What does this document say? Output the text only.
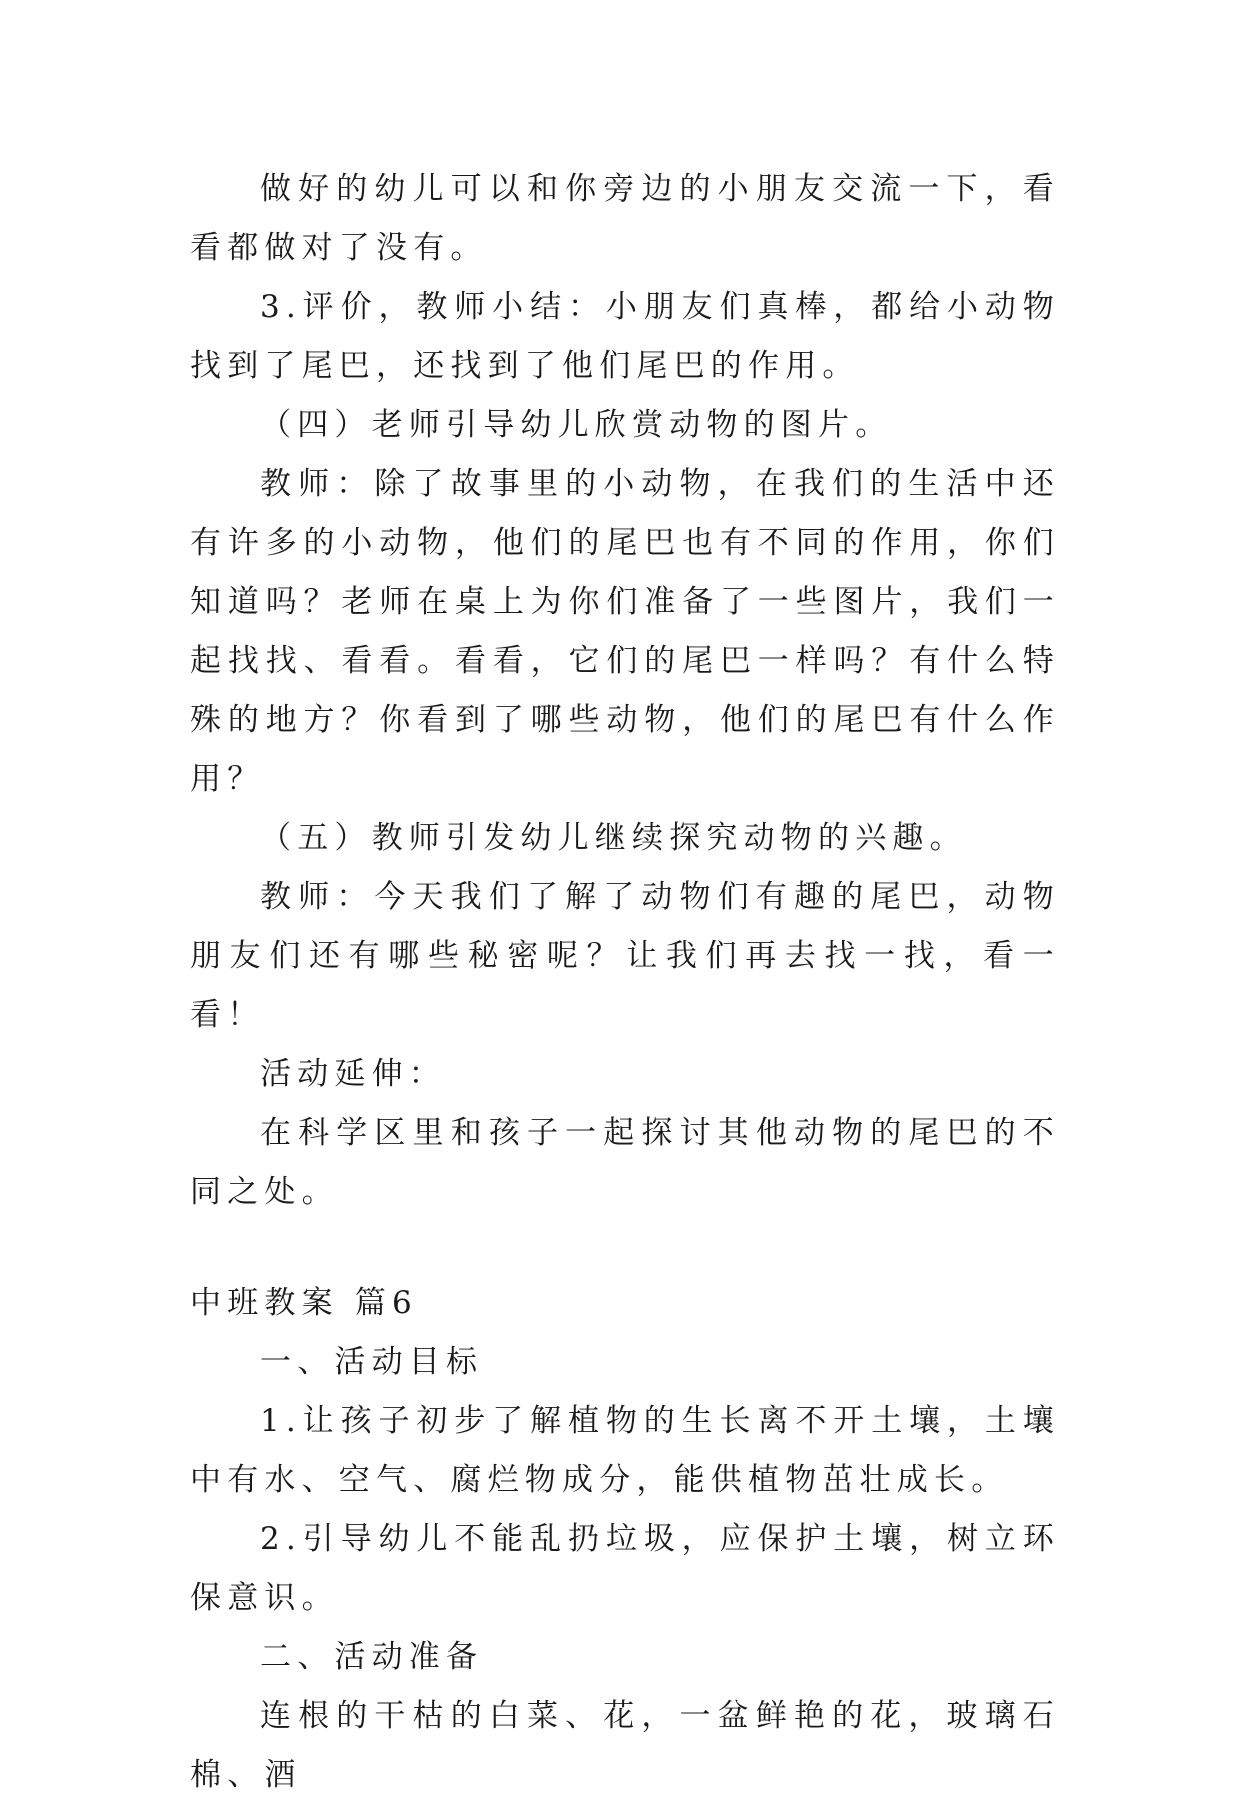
做好的幼儿可以和你旁边的小朋友交流一下，看看都做对了没有。

3.评价，教师小结：小朋友们真棒，都给小动物找到了尾巴，还找到了他们尾巴的作用。

（四）老师引导幼儿欣赏动物的图片。

教师：除了故事里的小动物，在我们的生活中还有许多的小动物，他们的尾巴也有不同的作用，你们知道吗？老师在桌上为你们准备了一些图片，我们一起找找、看看。看看，它们的尾巴一样吗？有什么特殊的地方？你看到了哪些动物，他们的尾巴有什么作用？

（五）教师引发幼儿继续探究动物的兴趣。

教师：今天我们了解了动物们有趣的尾巴，动物朋友们还有哪些秘密呢？让我们再去找一找，看一看！

活动延伸：

在科学区里和孩子一起探讨其他动物的尾巴的不同之处。

中班教案 篇6

一、活动目标

1.让孩子初步了解植物的生长离不开土壤，土壤中有水、空气、腐烂物成分，能供植物茁壮成长。

2.引导幼儿不能乱扔垃圾，应保护土壤，树立环保意识。

二、活动准备

连根的干枯的白菜、花，一盆鲜艳的花，玻璃石棉、酒
